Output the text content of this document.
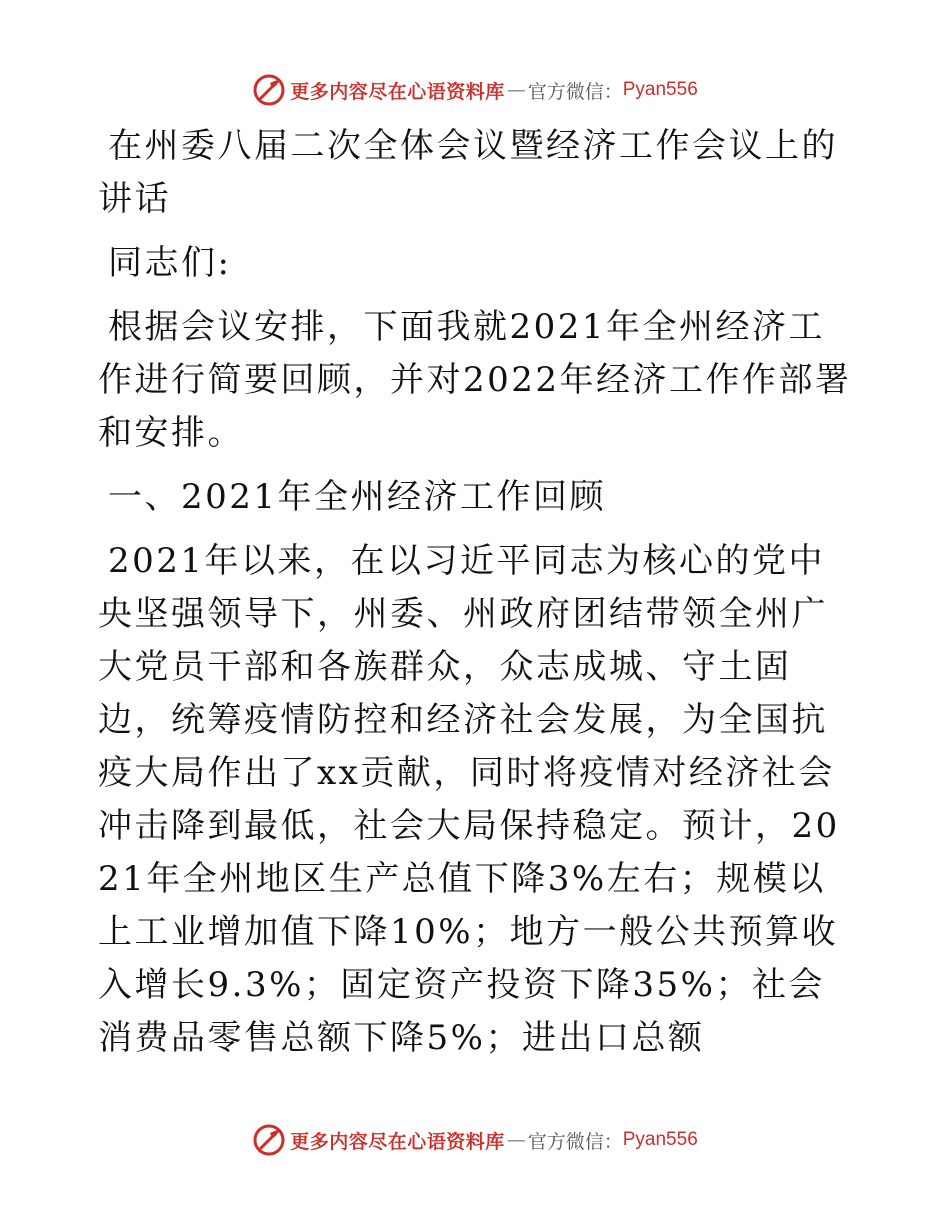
更多内容尽在心语资料库 — 官方微信： Pyan556

在州委八届二次全体会议暨经济工作会议上的讲话

同志们:

根据会议安排，下面我就2021年全州经济工作进行简要回顾，并对2022年经济工作作部署和安排。

一、2021年全州经济工作回顾

2021年以来，在以习近平同志为核心的党中央坚强领导下，州委、州政府团结带领全州广大党员干部和各族群众，众志成城、守土固边，统筹疫情防控和经济社会发展，为全国抗疫大局作出了xx贡献，同时将疫情对经济社会冲击降到最低，社会大局保持稳定。预计，2021年全州地区生产总值下降3%左右；规模以上工业增加值下降10%；地方一般公共预算收入增长9.3%；固定资产投资下降35%；社会消费品零售总额下降5%；进出口总额

更多内容尽在心语资料库 — 官方微信： Pyan556
